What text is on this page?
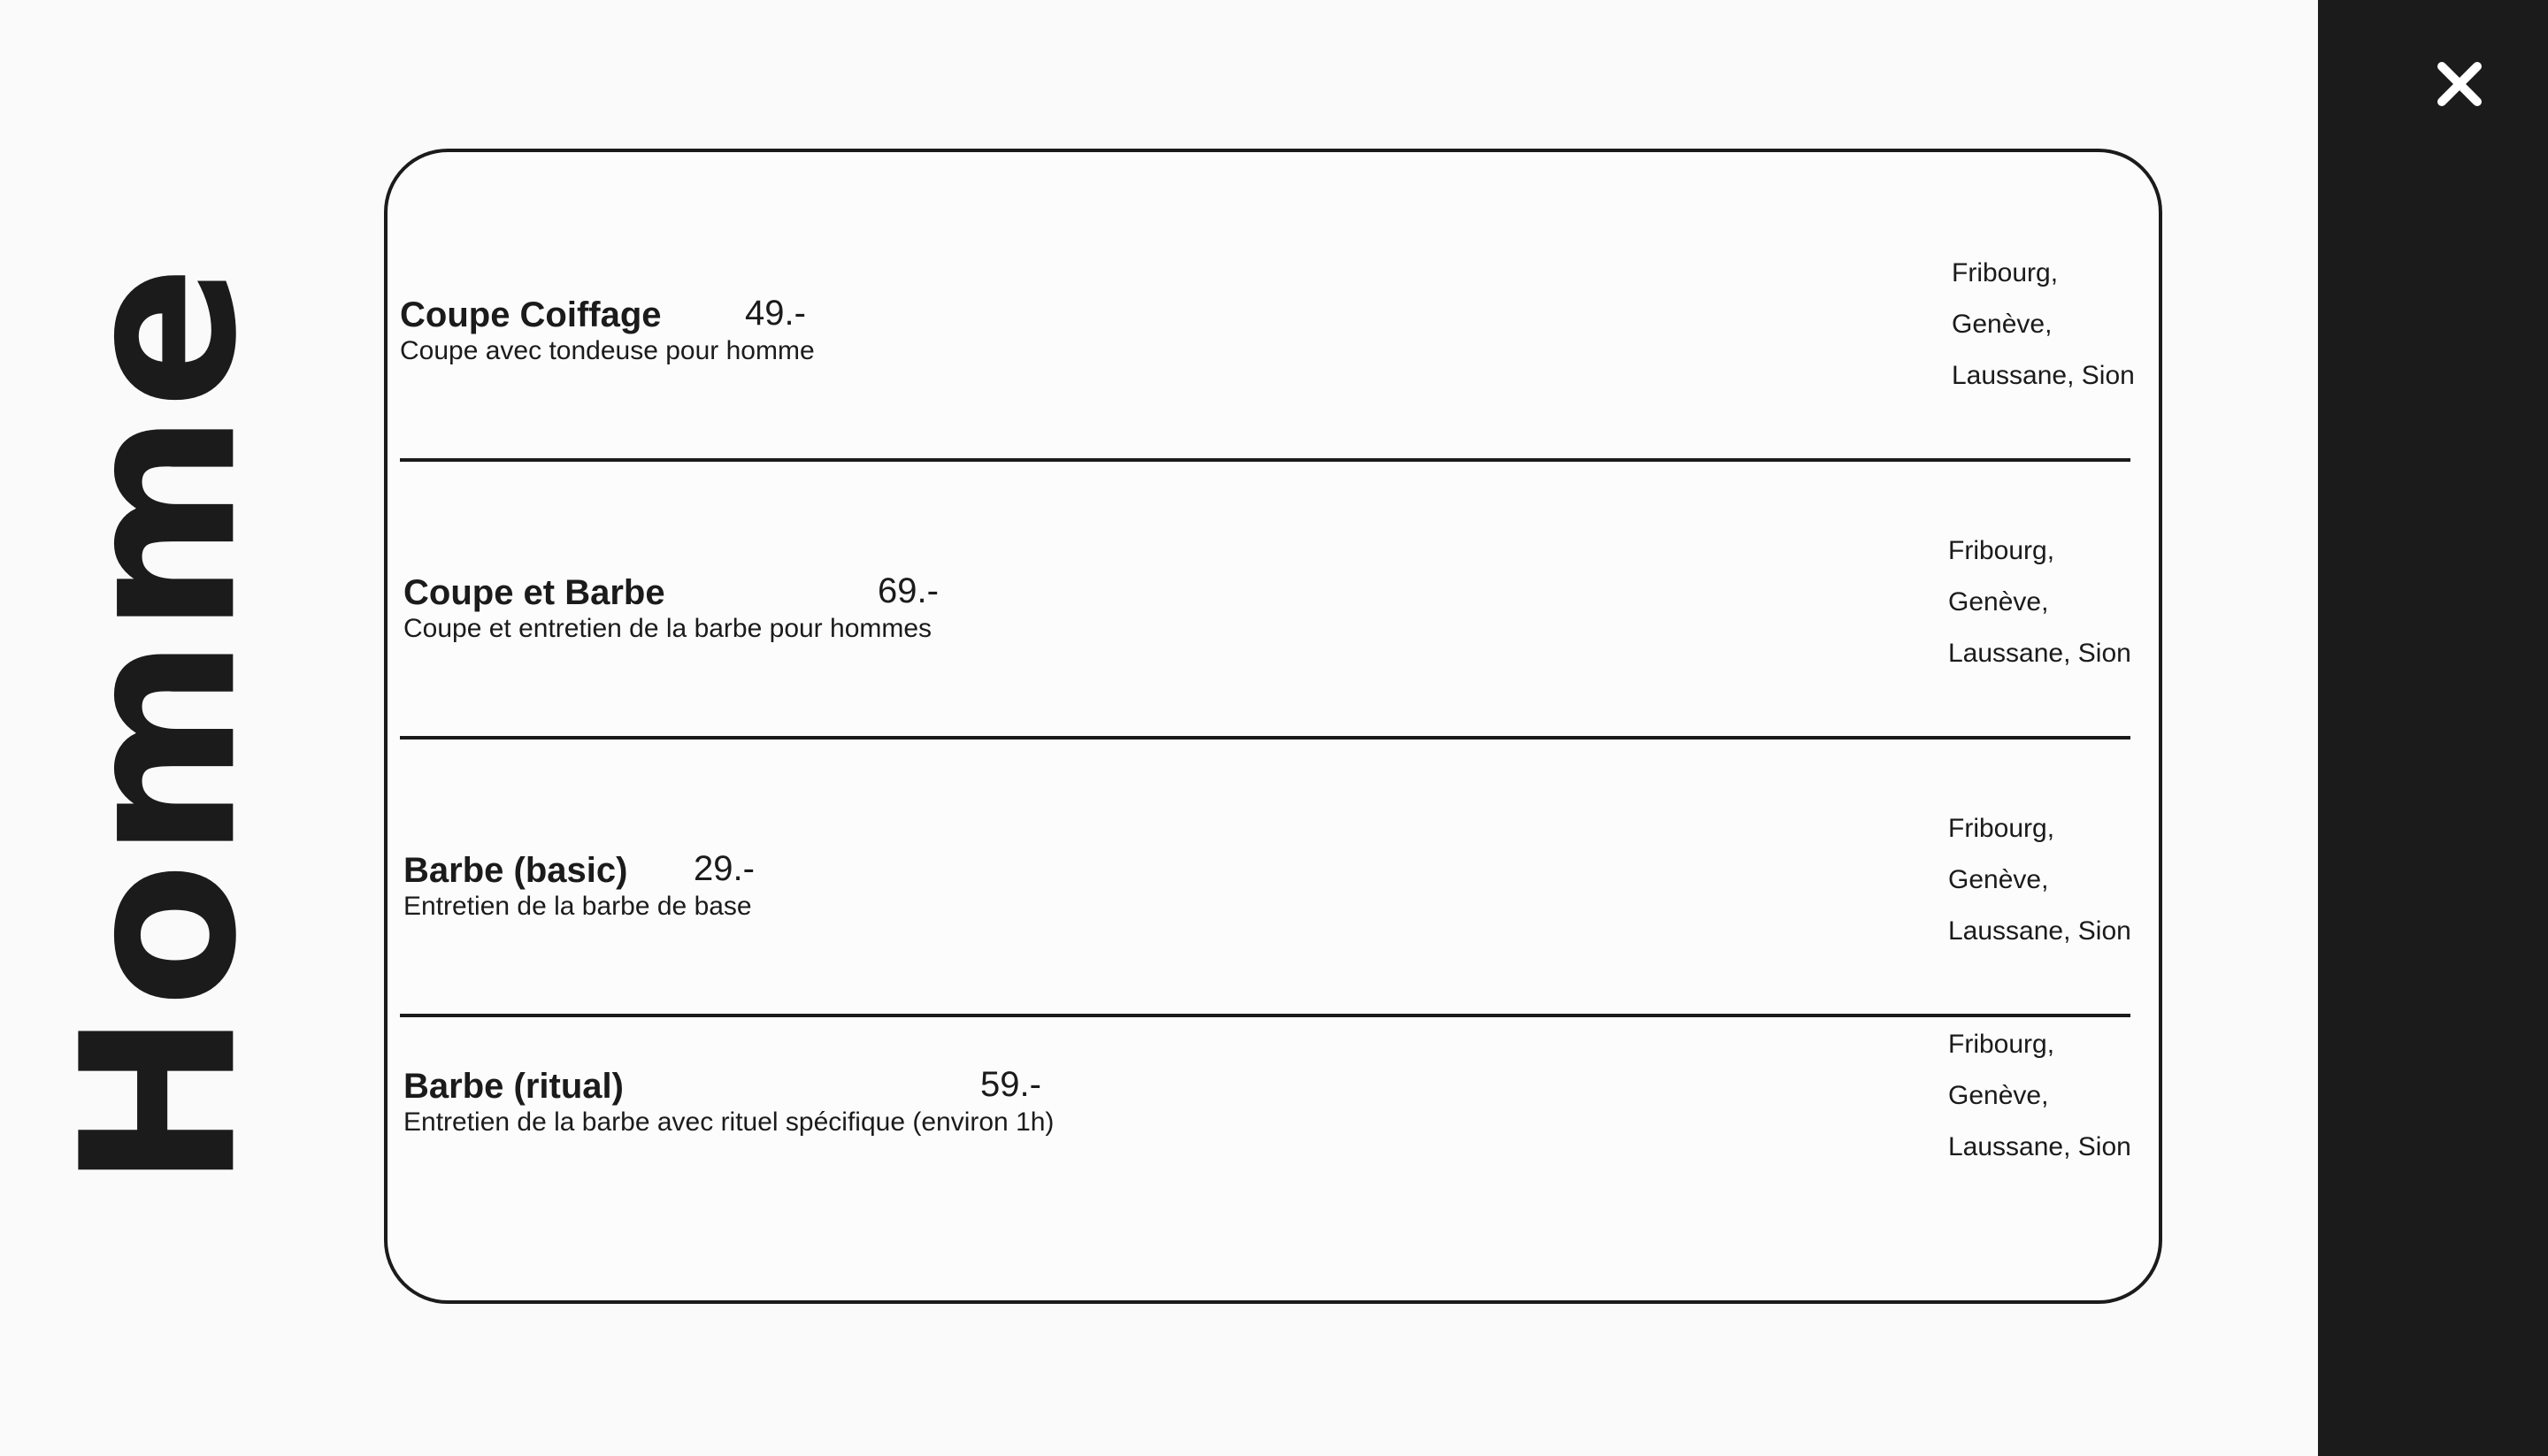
Homme	Coupe Coiffage 49.-
Coupe avec tondeuse pour homme
Fribourg,
Genève,
Laussane, Sion
Coupe et Barbe	69.-
Coupe et entretien de la barbe pour hommes
Fribourg,
Genève,
Laussane, Sion
Barbe (basic) 29.-
Entretien de la barbe de base
Fribourg,
Genève,
Laussane, Sion
Barbe (ritual)	59.-
Entretien de la barbe avec rituel spécifique (environ 1h)
Fribourg,
Genève,
Laussane, Sion
